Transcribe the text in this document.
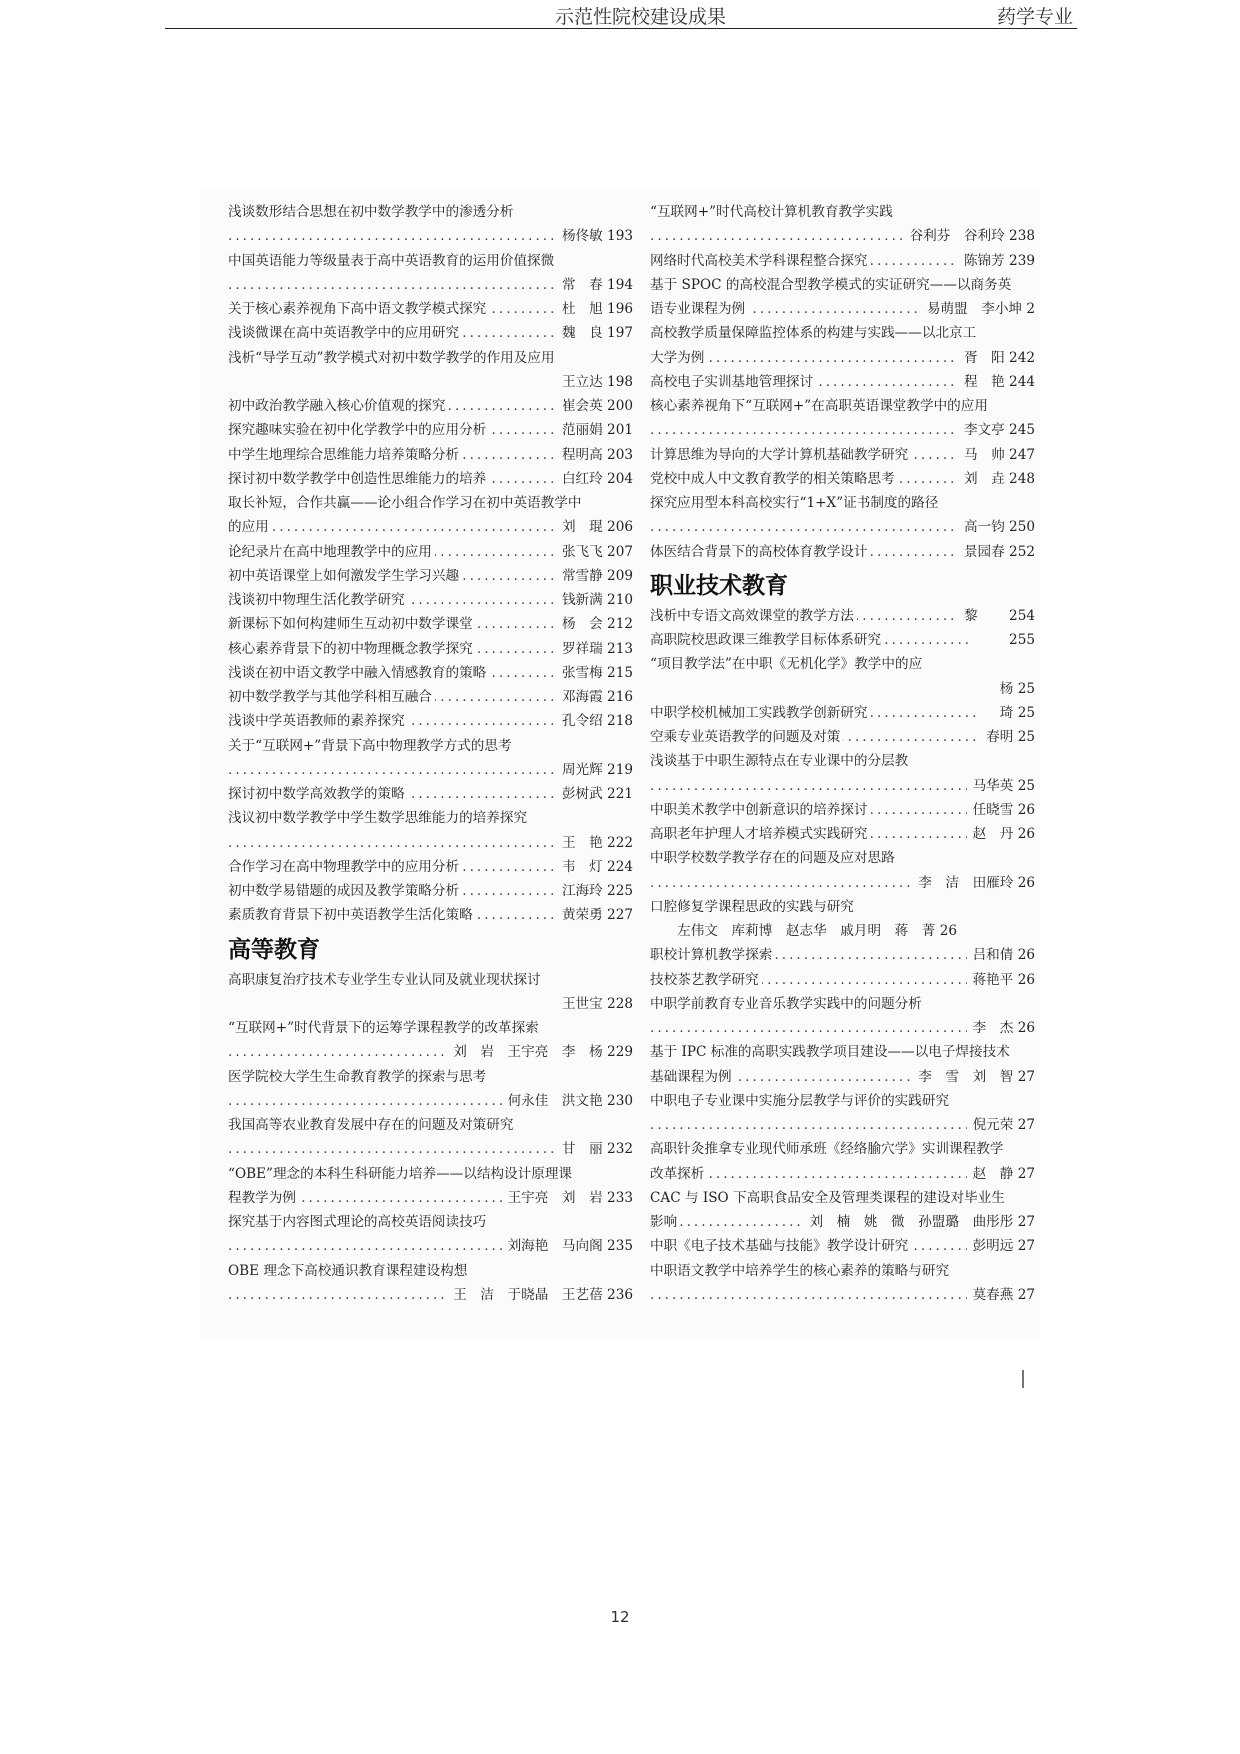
示范性院校建设成果	药学专业
浅谈数形结合思想在初中数学教学中的渗透分析
..... 杨佟敏 193
中国英语能力等级量表于高中英语教育的运用价值探微
..... 常　春 194
..... 关于核心素养视角下高中语文教学模式探究	杜　旭 196
..... 浅谈微课在高中英语教学中的应用研究	魏　良 197
浅析“导学互动”教学模式对初中数学教学的作用及应用
王立达 198
..... 初中政治教学融入核心价值观的探究	崔会英 200
..... 探究趣味实验在初中化学教学中的应用分析	范丽娟 201
..... 中学生地理综合思维能力培养策略分析	程明高 203
..... 探讨初中数学教学中创造性思维能力的培养	白红玲 204
取长补短，合作共赢——论小组合作学习在初中英语教学中
..... 的应用	刘　琨 206
..... 论纪录片在高中地理教学中的应用	张飞飞 207
..... 初中英语课堂上如何激发学生学习兴趣	常雪静 209
..... 浅谈初中物理生活化教学研究	钱新满 210
..... 新课标下如何构建师生互动初中数学课堂	杨　会 212
..... 核心素养背景下的初中物理概念教学探究	罗祥瑞 213
..... 浅谈在初中语文教学中融入情感教育的策略	张雪梅 215
..... 初中数学教学与其他学科相互融合	邓海霞 216
..... 浅谈中学英语教师的素养探究	孔令绍 218
关于“互联网+”背景下高中物理教学方式的思考
..... 周光辉 219
..... 探讨初中数学高效教学的策略	彭树武 221
浅议初中数学教学中学生数学思维能力的培养探究
..... 王　艳 222
..... 合作学习在高中物理教学中的应用分析	韦　灯 224
..... 初中数学易错题的成因及教学策略分析	江海玲 225
..... 素质教育背景下初中英语教学生活化策略	黄荣勇 227
高等教育
高职康复治疗技术专业学生专业认同及就业现状探讨
王世宝 228
“互联网+”时代背景下的运筹学课程教学的改革探索
..... 刘　岩　王宇亮　李　杨 229
医学院校大学生生命教育教学的探索与思考
..... 何永佳　洪文艳 230
我国高等农业教育发展中存在的问题及对策研究
..... 甘　丽 232
“OBE”理念的本科生科研能力培养——以结构设计原理课
..... 程教学为例	王宇亮　刘　岩 233
探究基于内容图式理论的高校英语阅读技巧
..... 刘海艳　马向阁 235
OBE 理念下高校通识教育课程建设构想
..... 王　洁　于晓晶　王艺蓓 236
“互联网+”时代高校计算机教育教学实践
..... 谷利芬　谷利玲 238
..... 网络时代高校美术学科课程整合探究	陈锦芳 239
基于 SPOC 的高校混合型教学模式的实证研究——以商务英
..... 语专业课程为例	易萌盟　李小坤 2
高校教学质量保障监控体系的构建与实践——以北京工
..... 大学为例	胥　阳 242
..... 高校电子实训基地管理探讨	程　艳 244
核心素养视角下“互联网+”在高职英语课堂教学中的应用
..... 李文亭 245
..... 计算思维为导向的大学计算机基础教学研究	马　帅 247
..... 党校中成人中文教育教学的相关策略思考	刘　垚 248
探究应用型本科高校实行“1+X”证书制度的路径
..... 高一钧 250
..... 体医结合背景下的高校体育教学设计	景园春 252
职业技术教育
..... 浅析中专语文高效课堂的教学方法	黎　　 254
..... 高职院校思政课三维教学目标体系研究	　　 255
“项目教学法”在中职《无机化学》教学中的应
杨 25
..... 中职学校机械加工实践教学创新研究	　琦 25
..... 空乘专业英语教学的问题及对策	春明 25
浅谈基于中职生源特点在专业课中的分层教
..... 马华英 25
..... 中职美术教学中创新意识的培养探讨	任晓雪 26
..... 高职老年护理人才培养模式实践研究	赵　丹 26
中职学校数学教学存在的问题及应对思路
..... 李　洁　田雁玲 26
口腔修复学课程思政的实践与研究
　　左伟文　库莉博　赵志华　戚月明　蒋　菁 26
..... 职校计算机教学探索	吕和倩 26
..... 技校茶艺教学研究	蒋艳平 26
中职学前教育专业音乐教学实践中的问题分析
..... 李　杰 26
基于 IPC 标准的高职实践教学项目建设——以电子焊接技术
..... 基础课程为例	李　雪　刘　智 27
中职电子专业课中实施分层教学与评价的实践研究
..... 倪元荣 27
高职针灸推拿专业现代师承班《经络腧穴学》实训课程教学
..... 改革探析	赵　静 27
CAC 与 ISO 下高职食品安全及管理类课程的建设对毕业生
..... 影响	刘　楠　姚　微　孙盟璐　曲彤彤 27
..... 中职《电子技术基础与技能》教学设计研究	彭明远 27
中职语文教学中培养学生的核心素养的策略与研究
..... 莫春燕 27
12
